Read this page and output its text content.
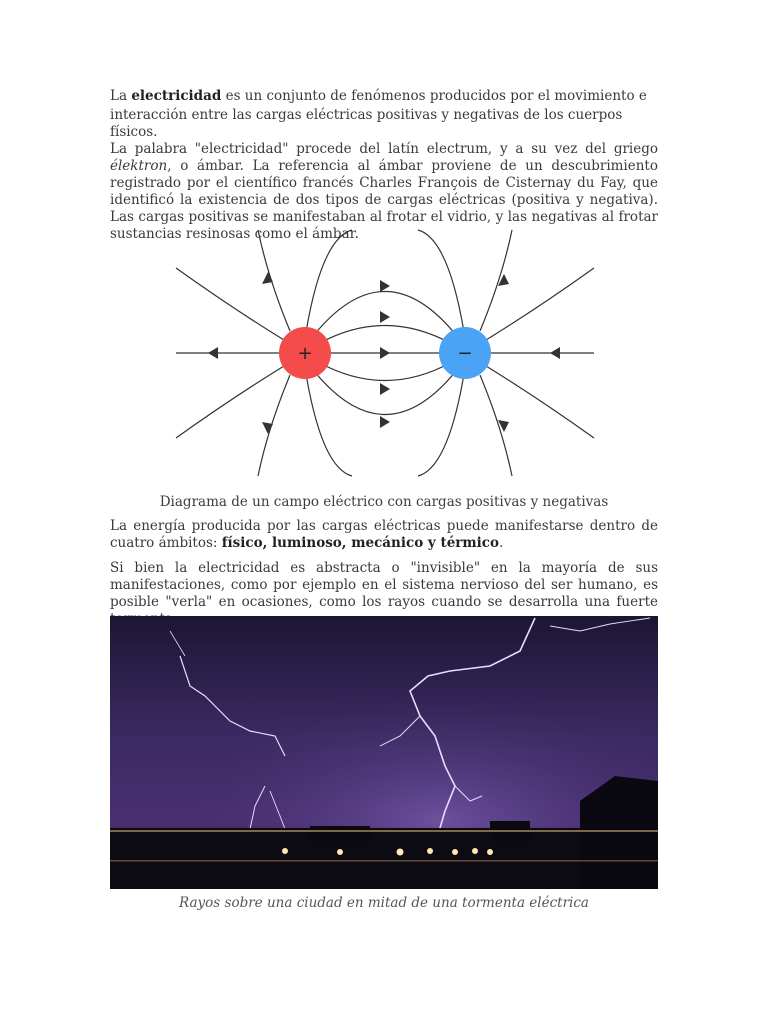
La electricidad es un conjunto de fenómenos producidos por el movimiento e
interacción entre las cargas eléctricas positivas y negativas de los cuerpos físicos.

La palabra "electricidad" procede del latín electrum, y a su vez del griego élektron, o ámbar. La referencia al ámbar proviene de un descubrimiento registrado por el científico francés Charles François de Cisternay du Fay, que identificó la existencia de dos tipos de cargas eléctricas (positiva y negativa). Las cargas positivas se manifestaban al frotar el vidrio, y las negativas al frotar sustancias resinosas como el ámbar.

+	−
Diagrama de un campo eléctrico con cargas positivas y negativas

La energía producida por las cargas eléctricas puede manifestarse dentro de cuatro ámbitos: físico, luminoso, mecánico y térmico.

Si bien la electricidad es abstracta o "invisible" en la mayoría de sus manifestaciones, como por ejemplo en el sistema nervioso del ser humano, es posible "verla" en ocasiones, como los rayos cuando se desarrolla una fuerte

Rayos sobre una ciudad en mitad de una tormenta eléctrica
